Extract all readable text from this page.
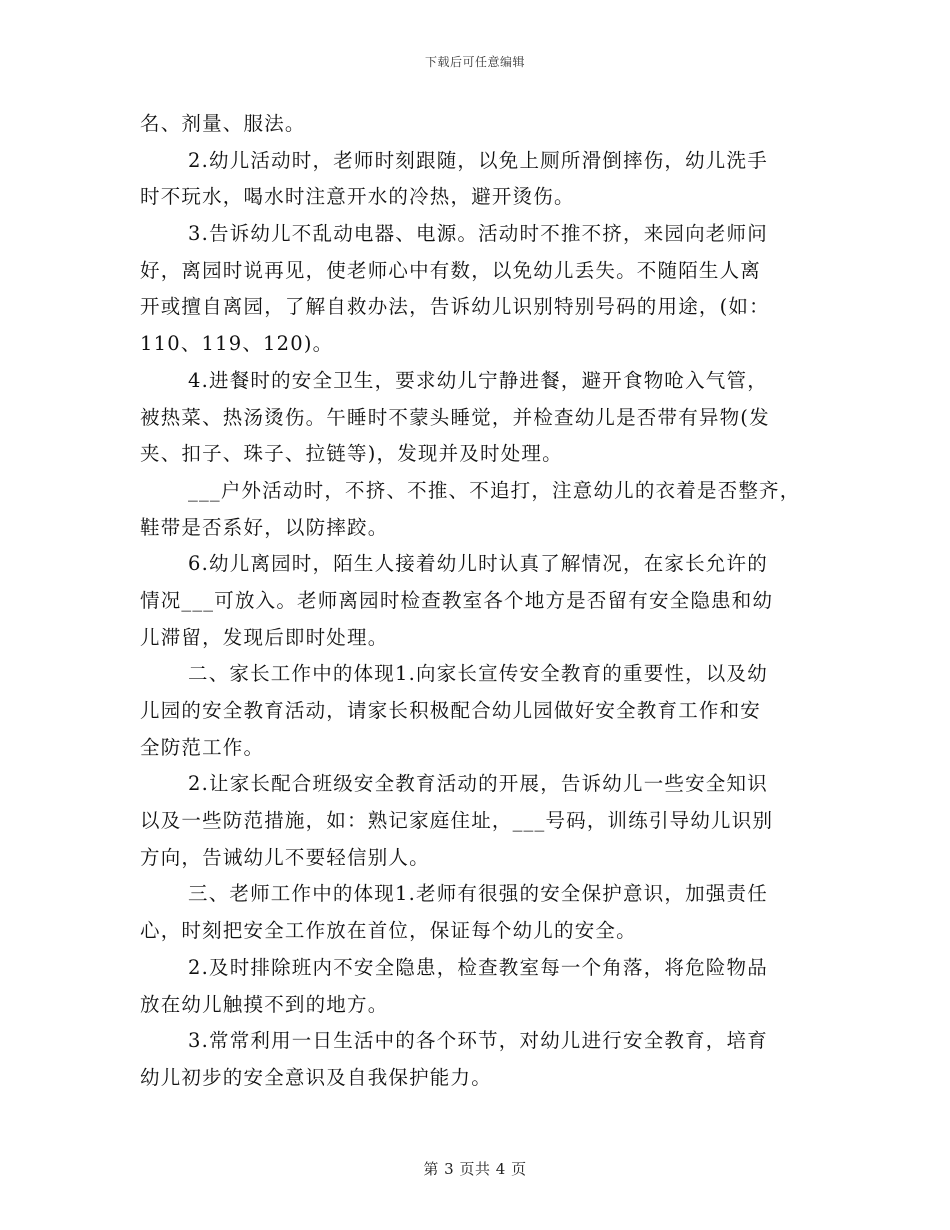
下载后可任意编辑
名、剂量、服法。
2.幼儿活动时，老师时刻跟随，以免上厕所滑倒摔伤，幼儿洗手
时不玩水，喝水时注意开水的冷热，避开烫伤。
3.告诉幼儿不乱动电器、电源。活动时不推不挤，来园向老师问
好，离园时说再见，使老师心中有数，以免幼儿丢失。不随陌生人离
开或擅自离园，了解自救办法，告诉幼儿识别特别号码的用途，(如：
110、119、120)。
4.进餐时的安全卫生，要求幼儿宁静进餐，避开食物呛入气管，
被热菜、热汤烫伤。午睡时不蒙头睡觉，并检查幼儿是否带有异物(发
夹、扣子、珠子、拉链等)，发现并及时处理。
___户外活动时，不挤、不推、不追打，注意幼儿的衣着是否整齐，
鞋带是否系好，以防摔跤。
6.幼儿离园时，陌生人接着幼儿时认真了解情况，在家长允许的
情况___可放入。老师离园时检查教室各个地方是否留有安全隐患和幼
儿滞留，发现后即时处理。
二、家长工作中的体现1.向家长宣传安全教育的重要性，以及幼
儿园的安全教育活动，请家长积极配合幼儿园做好安全教育工作和安
全防范工作。
2.让家长配合班级安全教育活动的开展，告诉幼儿一些安全知识
以及一些防范措施，如：熟记家庭住址，___号码，训练引导幼儿识别
方向，告诫幼儿不要轻信别人。
三、老师工作中的体现1.老师有很强的安全保护意识，加强责任
心，时刻把安全工作放在首位，保证每个幼儿的安全。
2.及时排除班内不安全隐患，检查教室每一个角落，将危险物品
放在幼儿触摸不到的地方。
3.常常利用一日生活中的各个环节，对幼儿进行安全教育，培育
幼儿初步的安全意识及自我保护能力。
第 3 页共 4 页
